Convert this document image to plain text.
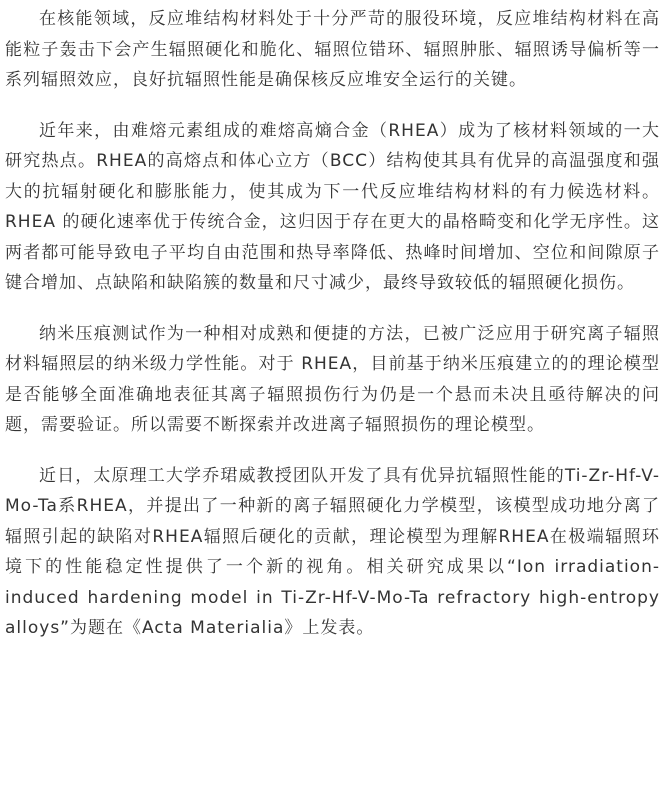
在核能领域，反应堆结构材料处于十分严苛的服役环境，反应堆结构材料在高能粒子轰击下会产生辐照硬化和脆化、辐照位错环、辐照肿胀、辐照诱导偏析等一系列辐照效应，良好抗辐照性能是确保核反应堆安全运行的关键。

近年来，由难熔元素组成的难熔高熵合金（RHEA）成为了核材料领域的一大研究热点。RHEA的高熔点和体心立方（BCC）结构使其具有优异的高温强度和强大的抗辐射硬化和膨胀能力，使其成为下一代反应堆结构材料的有力候选材料。RHEA 的硬化速率优于传统合金，这归因于存在更大的晶格畸变和化学无序性。这两者都可能导致电子平均自由范围和热导率降低、热峰时间增加、空位和间隙原子键合增加、点缺陷和缺陷簇的数量和尺寸减少，最终导致较低的辐照硬化损伤。

纳米压痕测试作为一种相对成熟和便捷的方法，已被广泛应用于研究离子辐照材料辐照层的纳米级力学性能。对于 RHEA，目前基于纳米压痕建立的的理论模型是否能够全面准确地表征其离子辐照损伤行为仍是一个悬而未决且亟待解决的问题，需要验证。所以需要不断探索并改进离子辐照损伤的理论模型。

近日，太原理工大学乔珺威教授团队开发了具有优异抗辐照性能的Ti-Zr-Hf-V-Mo-Ta系RHEA，并提出了一种新的离子辐照硬化力学模型，该模型成功地分离了辐照引起的缺陷对RHEA辐照后硬化的贡献，理论模型为理解RHEA在极端辐照环境下的性能稳定性提供了一个新的视角。相关研究成果以“Ion irradiation-induced hardening model in Ti-Zr-Hf-V-Mo-Ta refractory high-entropy alloys”为题在《Acta Materialia》上发表。
